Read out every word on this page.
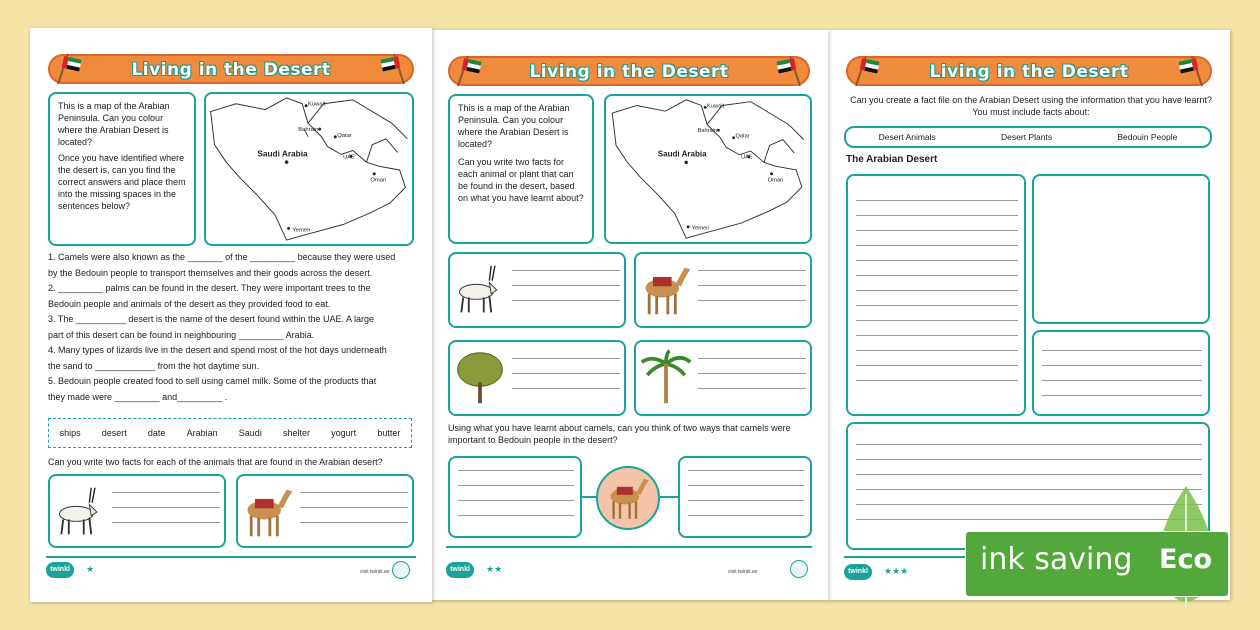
Living in the Desert
This is a map of the Arabian Peninsula. Can you colour where the Arabian Desert is located?
Once you have identified where the desert is, can you find the correct answers and place them into the missing spaces in the sentences below?
Saudi Arabia
Kuwait
Bahrain
Qatar
UAE
Oman
Yemen
1. Camels were also known as the _______ of the _________ because they were used
by the Bedouin people to transport themselves and their goods across the desert.
2. _________ palms can be found in the desert. They were important trees to the
Bedouin people and animals of the desert as they provided food to eat.
3. The __________ desert is the name of the desert found within the UAE. A large
part of this desert can be found in neighbouring _________ Arabia.
4. Many types of lizards live in the desert and spend most of the hot days underneath
the sand to ____________ from the hot daytime sun.
5. Bedouin people created food to sell using camel milk. Some of the products that
they made were _________ and_________ .
ships desert date Arabian Saudi shelter yogurt butter
Can you write two facts for each of the animals that are found in the Arabian desert?
twinkl	★	visit twinkl.ae
Living in the Desert
This is a map of the Arabian Peninsula. Can you colour where the Arabian Desert is located?
Can you write two facts for each animal or plant that can be found in the desert, based on what you have learnt about?
Saudi Arabia
Kuwait
Bahrain
Qatar
UAE
Oman
Yemen
Using what you have learnt about camels, can you think of two ways that camels were important to Bedouin people in the desert?
twinkl	★★	visit twinkl.ae
Living in the Desert
Can you create a fact file on the Arabian Desert using the information that you have learnt?
You must include facts about:
Desert Animals	Desert Plants	Bedouin People
The Arabian Desert
twinkl	★★★ ink saving Eco
